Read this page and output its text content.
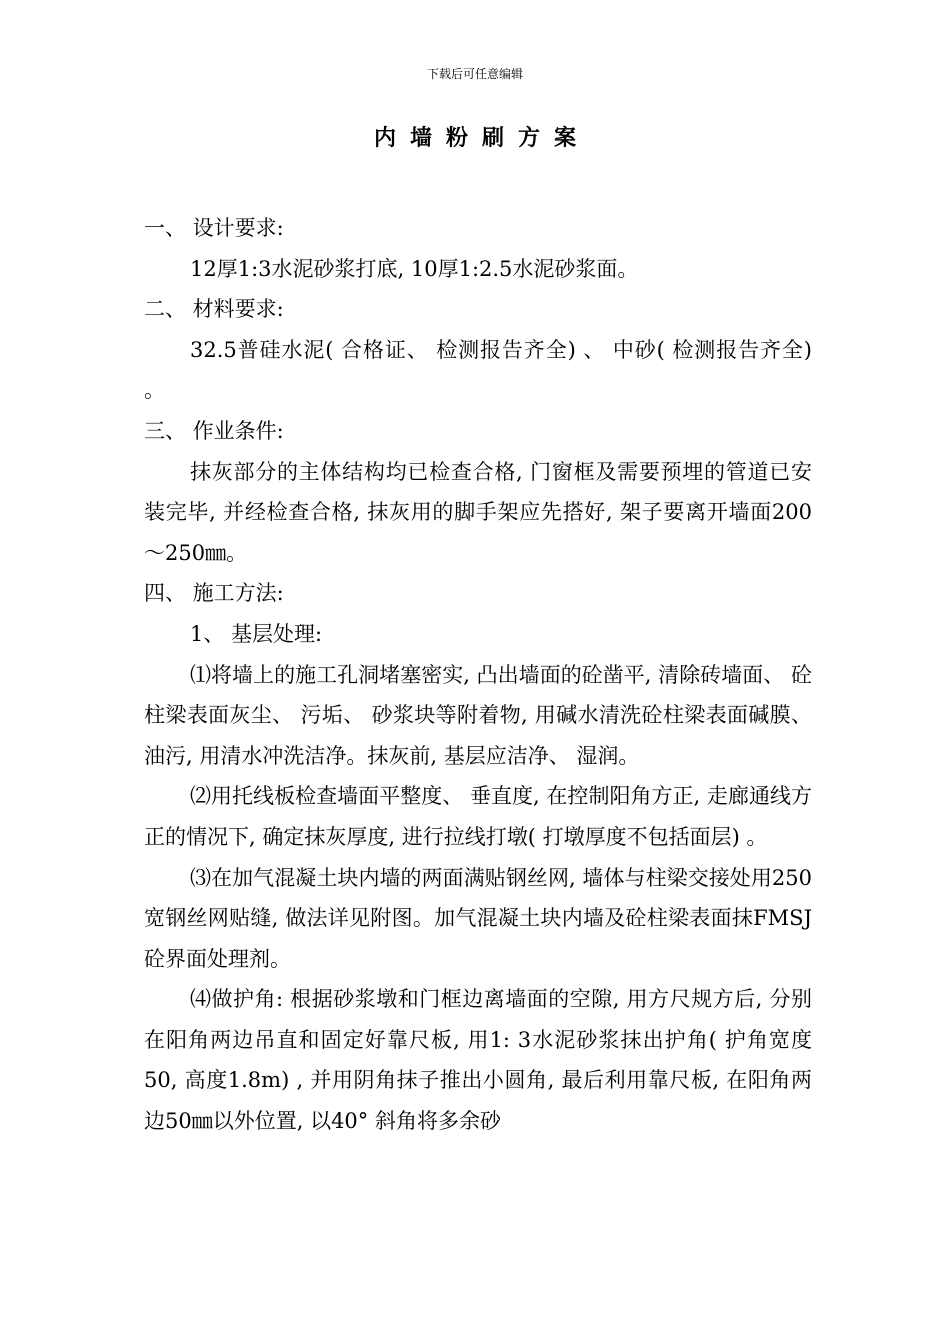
下载后可任意编辑
内墙粉刷方案

一、 设计要求:

12厚1:3水泥砂浆打底, 10厚1:2.5水泥砂浆面。

二、 材料要求:

32.5普硅水泥( 合格证、 检测报告齐全) 、 中砂( 检测报告齐全) 。

三、 作业条件:

抹灰部分的主体结构均已检查合格, 门窗框及需要预埋的管道已安装完毕, 并经检查合格, 抹灰用的脚手架应先搭好, 架子要离开墙面200～250㎜。

四、 施工方法:

1、 基层处理:

⑴将墙上的施工孔洞堵塞密实, 凸出墙面的砼凿平, 清除砖墙面、 砼柱梁表面灰尘、 污垢、 砂浆块等附着物, 用碱水清洗砼柱梁表面碱膜、 油污, 用清水冲洗洁净。抹灰前, 基层应洁净、 湿润。

⑵用托线板检查墙面平整度、 垂直度, 在控制阳角方正, 走廊通线方正的情况下, 确定抹灰厚度, 进行拉线打墩( 打墩厚度不包括面层) 。

⑶在加气混凝土块内墙的两面满贴钢丝网, 墙体与柱梁交接处用250宽钢丝网贴缝, 做法详见附图。加气混凝土块内墙及砼柱梁表面抹FMSJ砼界面处理剂。

⑷做护角: 根据砂浆墩和门框边离墙面的空隙, 用方尺规方后, 分别在阳角两边吊直和固定好靠尺板, 用1: 3水泥砂浆抹出护角( 护角宽度50, 高度1.8m) , 并用阴角抹子推出小圆角, 最后利用靠尺板, 在阳角两边50㎜以外位置, 以40° 斜角将多余砂
